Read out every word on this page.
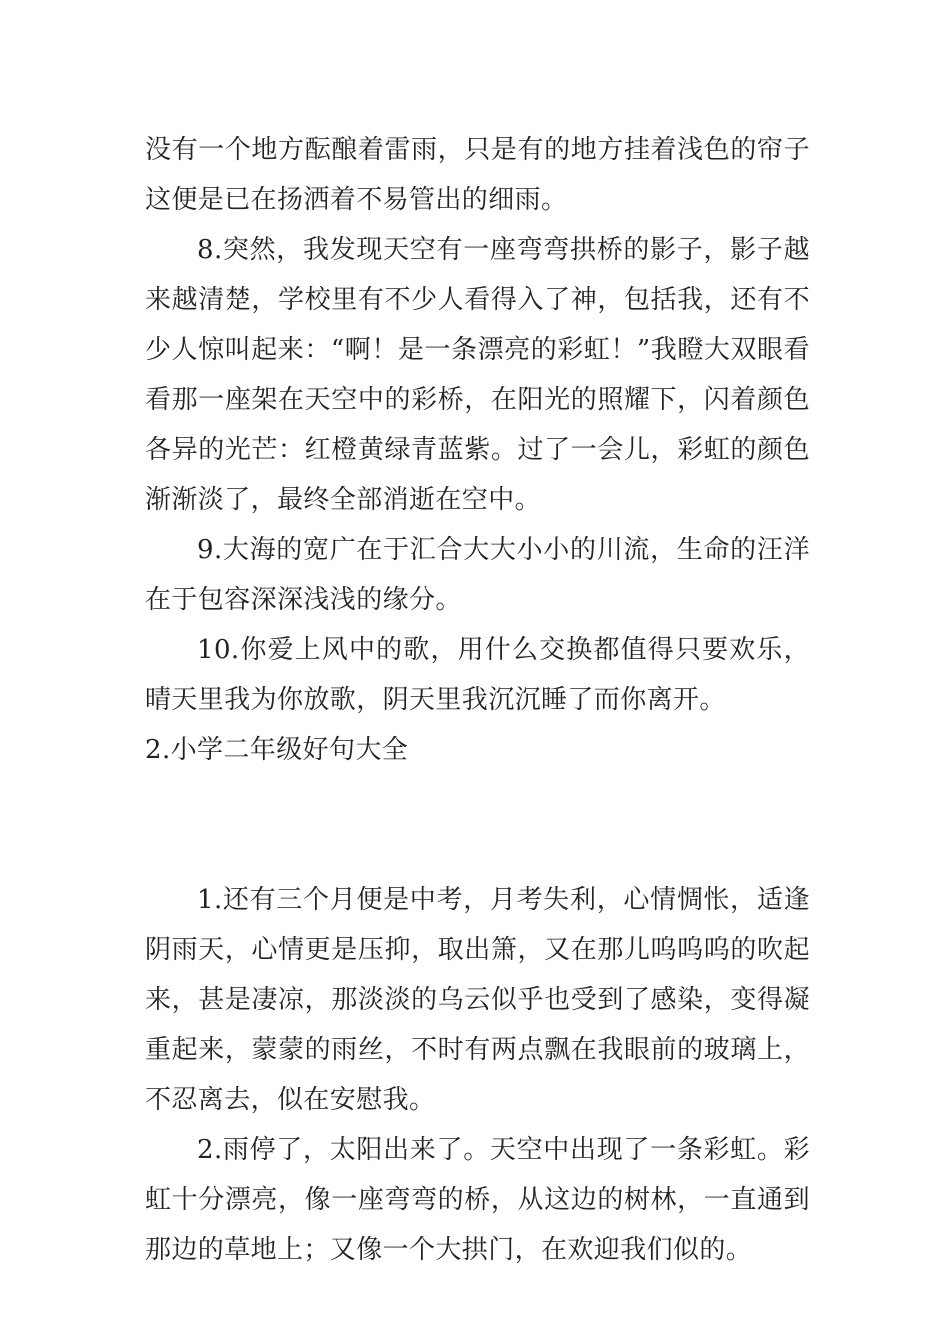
没有一个地方酝酿着雷雨，只是有的地方挂着浅色的帘子这便是已在扬洒着不易管出的细雨。

8.突然，我发现天空有一座弯弯拱桥的影子，影子越来越清楚，学校里有不少人看得入了神，包括我，还有不少人惊叫起来：“啊！是一条漂亮的彩虹！”我瞪大双眼看看那一座架在天空中的彩桥，在阳光的照耀下，闪着颜色各异的光芒：红橙黄绿青蓝紫。过了一会儿，彩虹的颜色渐渐淡了，最终全部消逝在空中。

9.大海的宽广在于汇合大大小小的川流，生命的汪洋在于包容深深浅浅的缘分。

10.你爱上风中的歌，用什么交换都值得只要欢乐，晴天里我为你放歌，阴天里我沉沉睡了而你离开。

2.小学二年级好句大全

1.还有三个月便是中考，月考失利，心情惆怅，适逢阴雨天，心情更是压抑，取出箫，又在那儿呜呜呜的吹起来，甚是凄凉，那淡淡的乌云似乎也受到了感染，变得凝重起来，蒙蒙的雨丝，不时有两点飘在我眼前的玻璃上，不忍离去，似在安慰我。

2.雨停了，太阳出来了。天空中出现了一条彩虹。彩虹十分漂亮，像一座弯弯的桥，从这边的树林，一直通到那边的草地上；又像一个大拱门，在欢迎我们似的。
